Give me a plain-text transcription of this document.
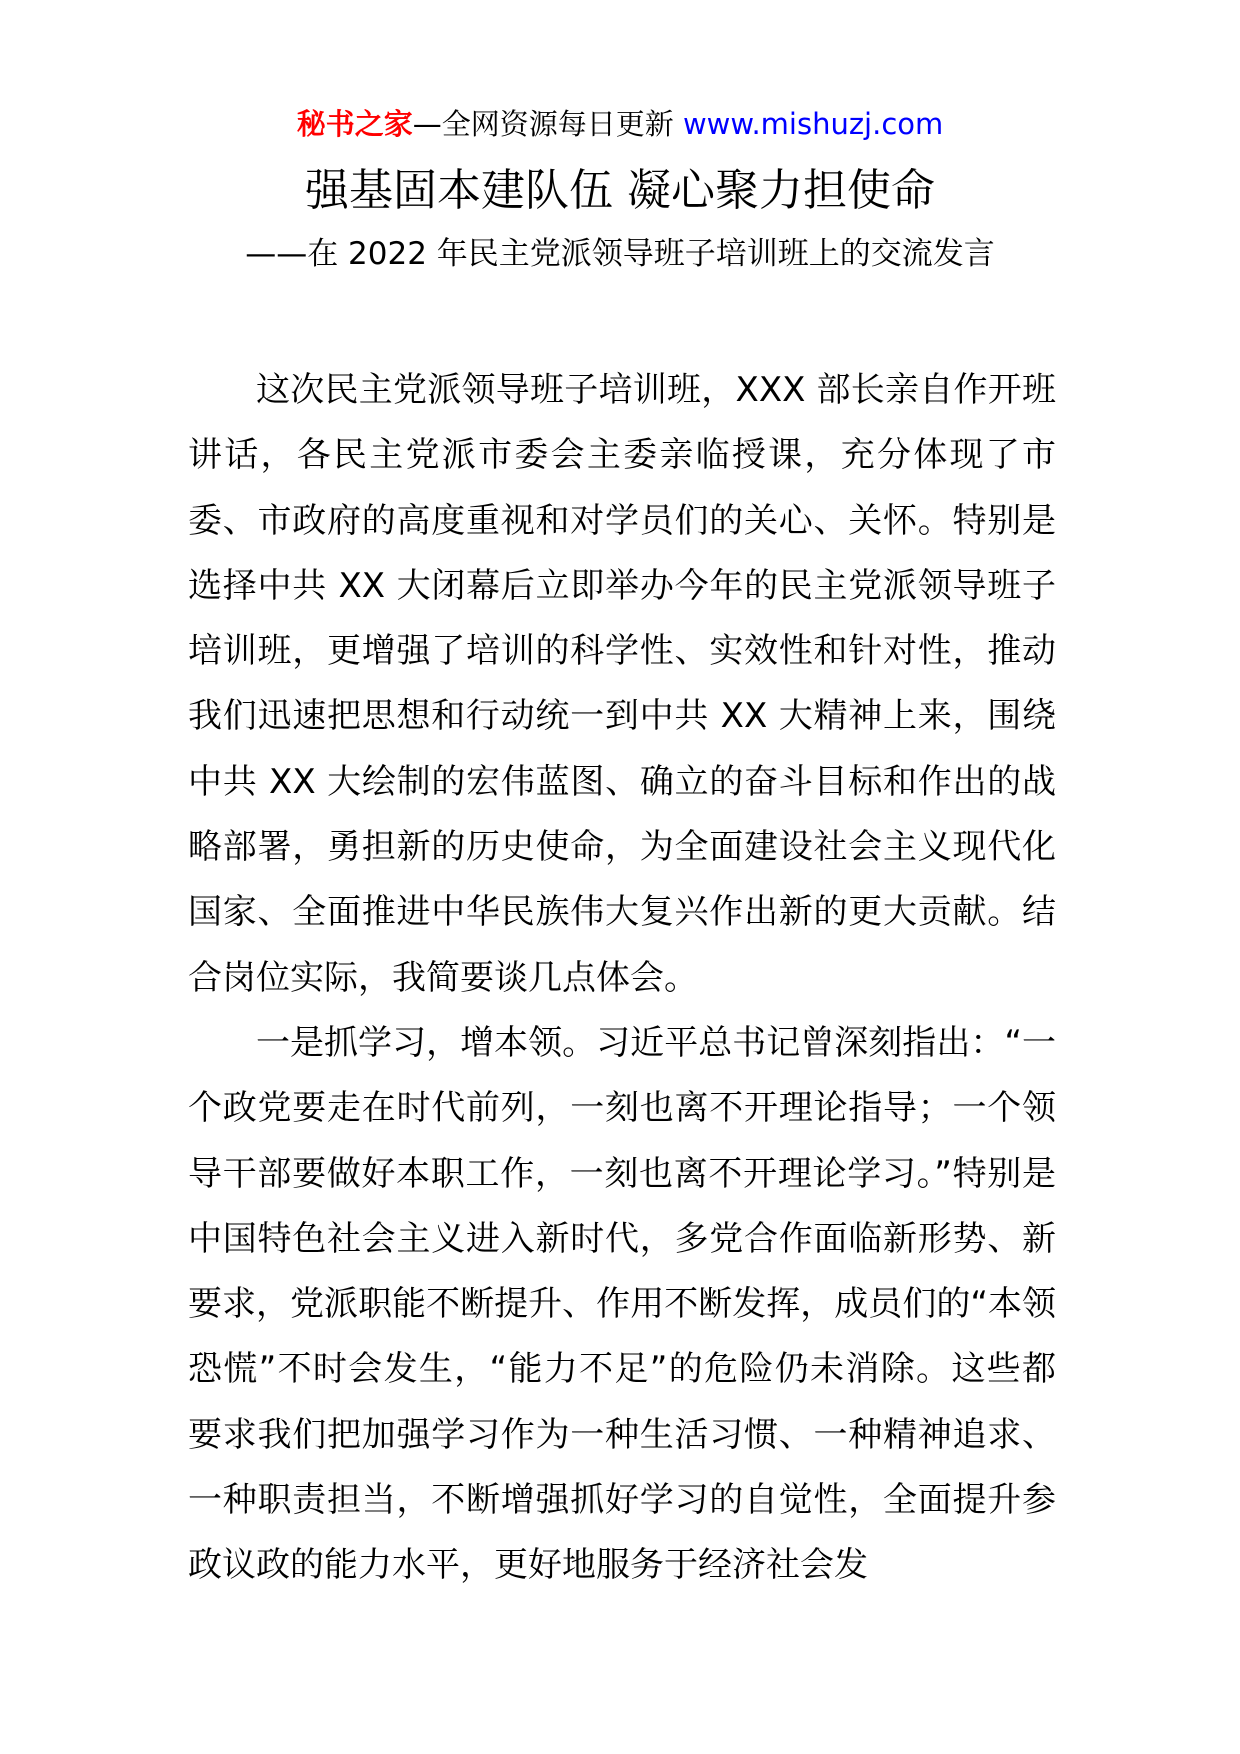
秘书之家—全网资源每日更新 www.mishuzj.com
强基固本建队伍 凝心聚力担使命
——在 2022 年民主党派领导班子培训班上的交流发言

这次民主党派领导班子培训班，XXX 部长亲自作开班讲话，各民主党派市委会主委亲临授课，充分体现了市委、市政府的高度重视和对学员们的关心、关怀。特别是选择中共 XX 大闭幕后立即举办今年的民主党派领导班子培训班，更增强了培训的科学性、实效性和针对性，推动我们迅速把思想和行动统一到中共 XX 大精神上来，围绕中共 XX 大绘制的宏伟蓝图、确立的奋斗目标和作出的战略部署，勇担新的历史使命，为全面建设社会主义现代化国家、全面推进中华民族伟大复兴作出新的更大贡献。结合岗位实际，我简要谈几点体会。

一是抓学习，增本领。习近平总书记曾深刻指出：“一个政党要走在时代前列，一刻也离不开理论指导；一个领导干部要做好本职工作，一刻也离不开理论学习。”特别是中国特色社会主义进入新时代，多党合作面临新形势、新要求，党派职能不断提升、作用不断发挥，成员们的“本领恐慌”不时会发生，“能力不足”的危险仍未消除。这些都要求我们把加强学习作为一种生活习惯、一种精神追求、一种职责担当，不断增强抓好学习的自觉性，全面提升参政议政的能力水平，更好地服务于经济社会发
